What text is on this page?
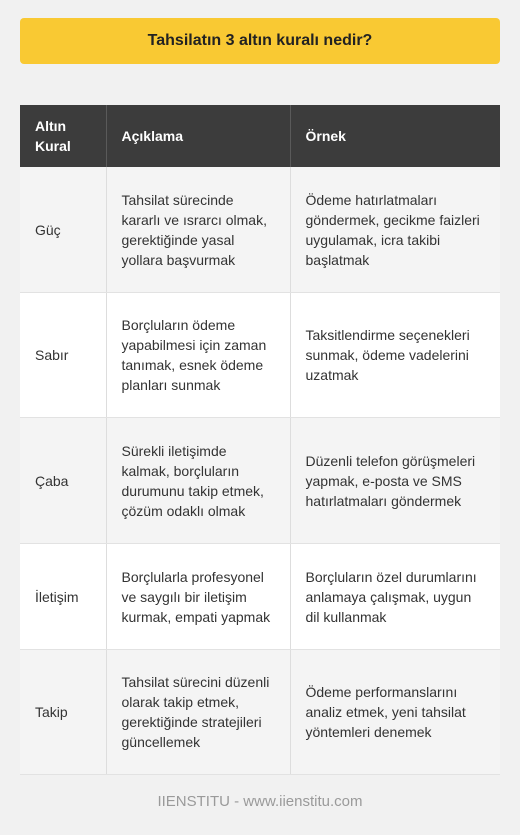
Tahsilatın 3 altın kuralı nedir?
Altın Kural	Açıklama	Örnek
Güç	Tahsilat sürecinde kararlı ve ısrarcı olmak, gerektiğinde yasal yollara başvurmak	Ödeme hatırlatmaları göndermek, gecikme faizleri uygulamak, icra takibi başlatmak
Sabır	Borçluların ödeme yapabilmesi için zaman tanımak, esnek ödeme planları sunmak	Taksitlendirme seçenekleri sunmak, ödeme vadelerini uzatmak
Çaba	Sürekli iletişimde kalmak, borçluların durumunu takip etmek, çözüm odaklı olmak	Düzenli telefon görüşmeleri yapmak, e-posta ve SMS hatırlatmaları göndermek
İletişim	Borçlularla profesyonel ve saygılı bir iletişim kurmak, empati yapmak	Borçluların özel durumlarını anlamaya çalışmak, uygun dil kullanmak
Takip	Tahsilat sürecini düzenli olarak takip etmek, gerektiğinde stratejileri güncellemek	Ödeme performanslarını analiz etmek, yeni tahsilat yöntemleri denemek
IIENSTITU - www.iienstitu.com
